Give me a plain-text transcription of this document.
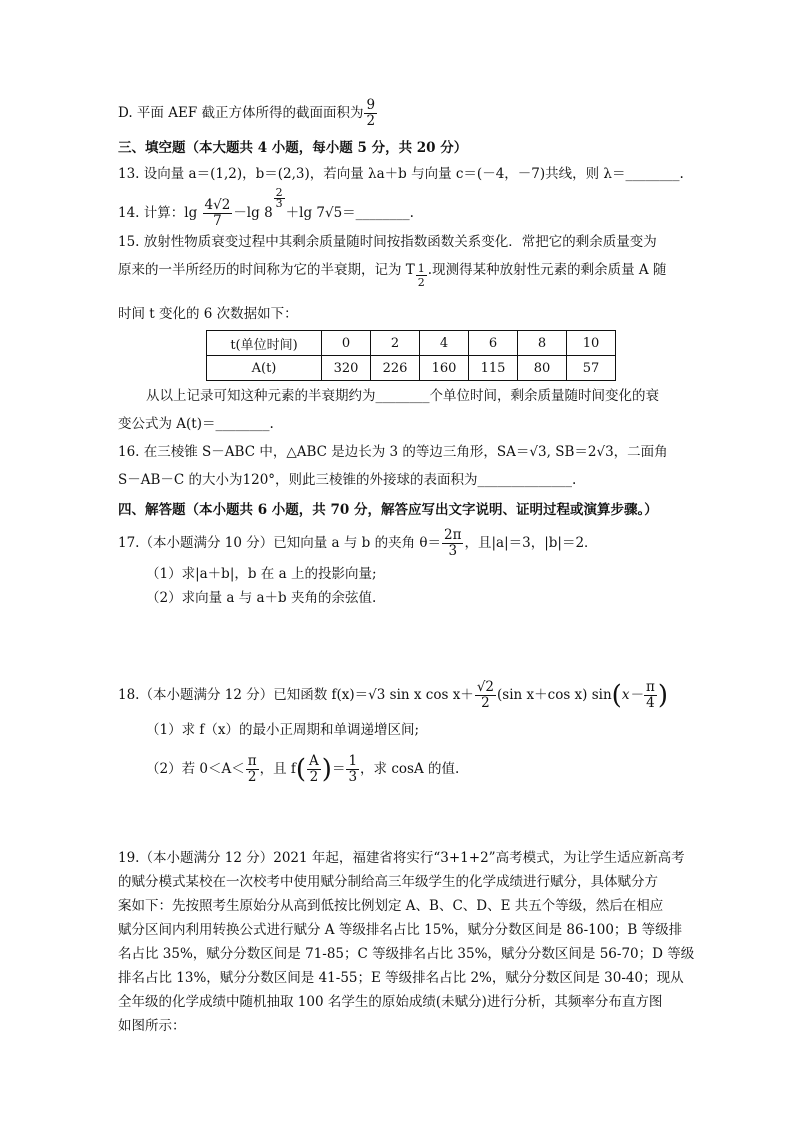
D. 平面 AEF 截正方体所得的截面面积为 $\frac{9}{2}$
三、填空题（本大题共 4 小题，每小题 5 分，共 20 分）
13. 设向量 a＝(1,2)，b＝(2,3)，若向量 λa＋b 与向量 c＝(－4，－7)共线，则 λ＝________.
14. 计算：$\lg \frac{4√2}{7} -\lg$ 8
$\frac{2}{3}$
＋lg 7√5＝________.
15. 放射性物质衰变过程中其剩余质量随时间按指数函数关系变化．常把它的剩余质量变为
原来的一半所经历的时间称为它的半衰期，记为 T $\frac{1}{2}$ .现测得某种放射性元素的剩余质量 A 随
时间 t 变化的 6 次数据如下：
t(单位时间)	0	2	4	6	8	10
A(t)	320	226	160	115	80	57
从以上记录可知这种元素的半衰期约为________个单位时间，剩余质量随时间变化的衰
变公式为 A(t)＝________.
16. 在三棱锥 S－ABC 中，△ABC 是边长为 3 的等边三角形，SA＝√3, SB＝2√3，二面角
S－AB－C 的大小为120°，则此三棱锥的外接球的表面积为______________.
四、解答题（本小题共 6 小题，共 70 分，解答应写出文字说明、证明过程或演算步骤。）
17.（本小题满分 10 分）已知向量 a 与 b 的夹角 $\theta= \frac{2\pi}{3}$ ，且|a|＝3，|b|＝2．
（1）求|a＋b|，b 在 a 上的投影向量;
（2）求向量 a 与 a＋b 夹角的余弦值.
18.（本小题满分 12 分）已知函数 f(x)＝√3 sin x $\cos x+ \frac{√2}{2} (\sin$ x＋cos x) $\sin(x- \frac{\pi}{4}$ )
（1）求 f（x）的最小正周期和单调递增区间;
（2）若 $0<A< \frac{\pi}{2}$ ，且 $f( \frac{A}{2}$ )＝ $\frac{1}{3}$ ，求 cosA 的值.
19.（本小题满分 12 分）2021 年起，福建省将实行“3+1+2”高考模式，为让学生适应新高考
的赋分模式某校在一次校考中使用赋分制给高三年级学生的化学成绩进行赋分，具体赋分方
案如下：先按照考生原始分从高到低按比例划定 A、B、C、D、E 共五个等级，然后在相应
赋分区间内利用转换公式进行赋分 A 等级排名占比 15%，赋分分数区间是 86-100；B 等级排
名占比 35%，赋分分数区间是 71-85；C 等级排名占比 35%，赋分分数区间是 56-70；D 等级
排名占比 13%，赋分分数区间是 41-55；E 等级排名占比 2%，赋分分数区间是 30-40；现从
全年级的化学成绩中随机抽取 100 名学生的原始成绩(未赋分)进行分析，其频率分布直方图
如图所示：
